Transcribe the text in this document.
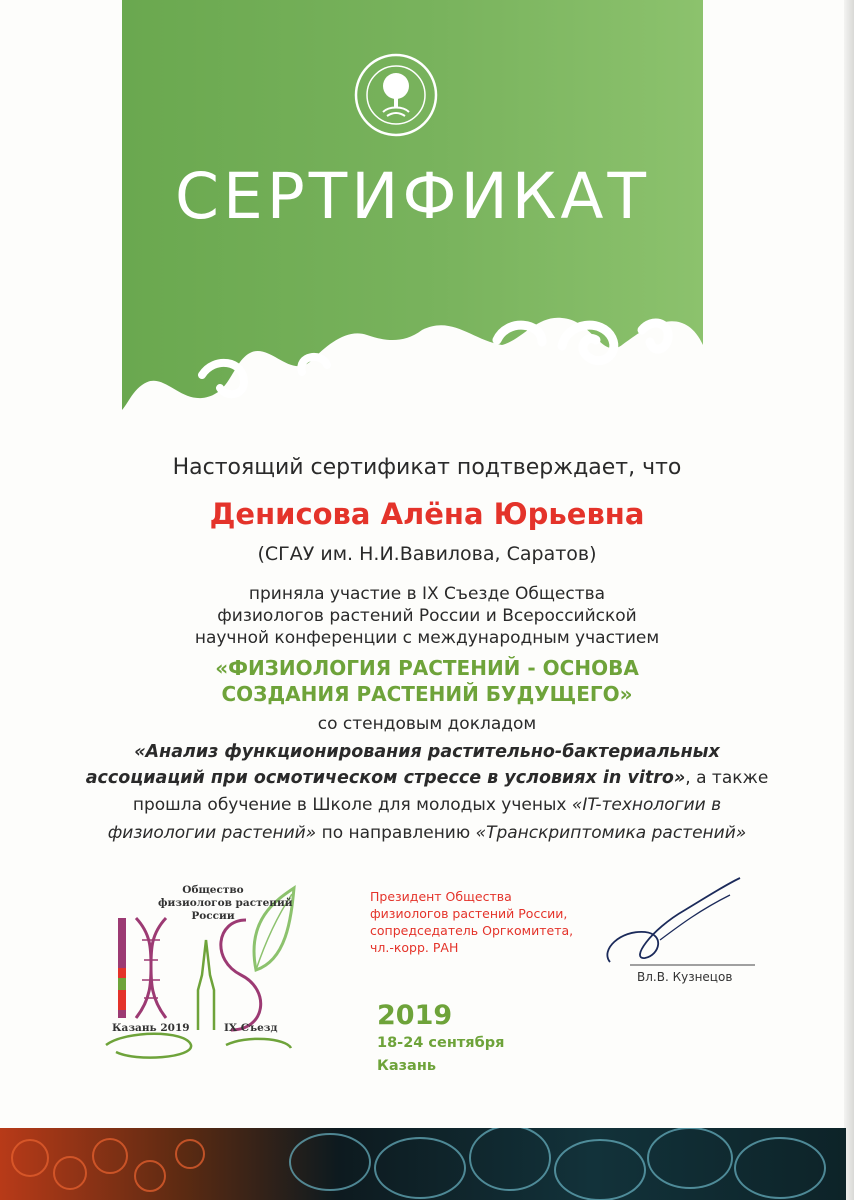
СЕРТИФИКАТ
Настоящий сертификат подтверждает, что
Денисова Алёна Юрьевна
(СГАУ им. Н.И.Вавилова, Саратов)
приняла участие в IX Съезде Общества
физиологов растений России и Всероссийской
научной конференции с международным участием
«ФИЗИОЛОГИЯ РАСТЕНИЙ - ОСНОВА
СОЗДАНИЯ РАСТЕНИЙ БУДУЩЕГО»
со стендовым докладом
«Анализ функционирования растительно-бактериальных
ассоциаций при осмотическом стрессе в условиях in vitro», а также
прошла обучение в Школе для молодых ученых «IT-технологии в
физиологии растений» по направлению «Транскриптомика растений»
Общество
физиологов растений
России
Казань 2019	IX Съезд
Президент Общества
физиологов растений России,
сопредседатель Оргкомитета,
чл.-корр. РАН
Вл.В. Кузнецов
2019
18-24 сентября
Казань
